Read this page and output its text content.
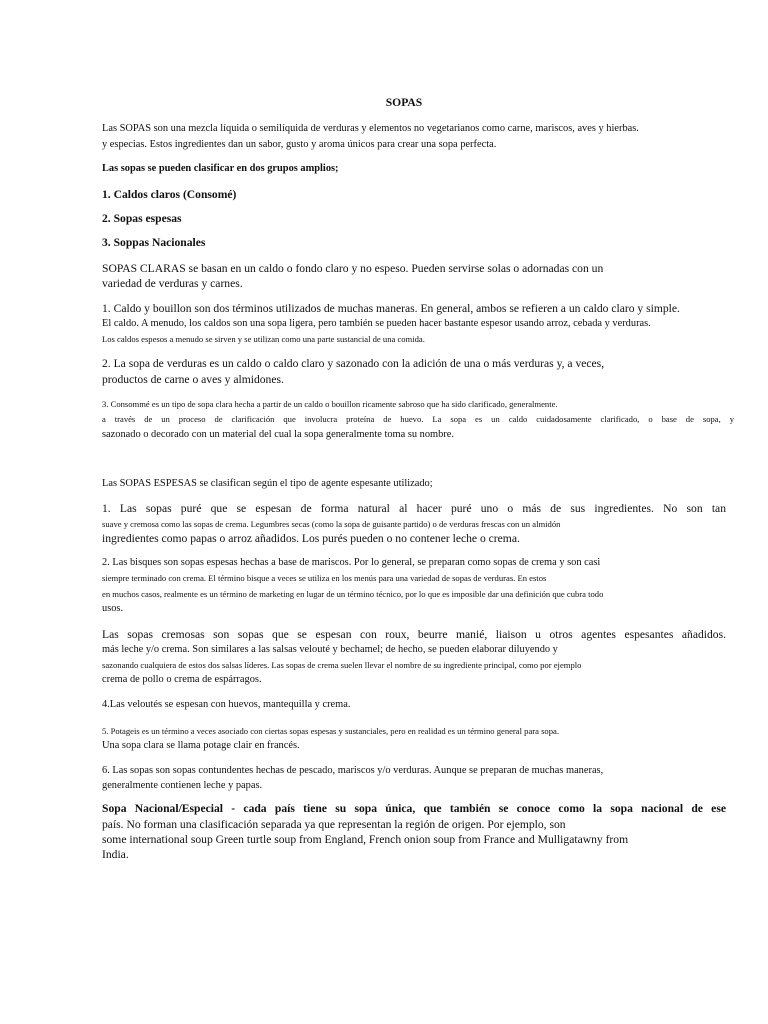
SOPAS
Las SOPAS son una mezcla líquida o semilíquida de verduras y elementos no vegetarianos como carne, mariscos, aves y hierbas.
y especias. Estos ingredientes dan un sabor, gusto y aroma únicos para crear una sopa perfecta.
Las sopas se pueden clasificar en dos grupos amplios;
1. Caldos claros (Consomé)
2. Sopas espesas
3. Soppas Nacionales
SOPAS CLARAS se basan en un caldo o fondo claro y no espeso. Pueden servirse solas o adornadas con un
variedad de verduras y carnes.
1. Caldo y bouillon son dos términos utilizados de muchas maneras. En general, ambos se refieren a un caldo claro y simple.
El caldo. A menudo, los caldos son una sopa ligera, pero también se pueden hacer bastante espesor usando arroz, cebada y verduras.
Los caldos espesos a menudo se sirven y se utilizan como una parte sustancial de una comida.
2. La sopa de verduras es un caldo o caldo claro y sazonado con la adición de una o más verduras y, a veces,
productos de carne o aves y almidones.
3. Consommé es un tipo de sopa clara hecha a partir de un caldo o bouillon ricamente sabroso que ha sido clarificado, generalmente.
a través de un proceso de clarificación que involucra proteína de huevo. La sopa es un caldo cuidadosamente clarificado, o base de sopa, y
sazonado o decorado con un material del cual la sopa generalmente toma su nombre.
Las SOPAS ESPESAS se clasifican según el tipo de agente espesante utilizado;
1. Las sopas puré que se espesan de forma natural al hacer puré uno o más de sus ingredientes. No son tan
suave y cremosa como las sopas de crema. Legumbres secas (como la sopa de guisante partido) o de verduras frescas con un almidón
ingredientes como papas o arroz añadidos. Los purés pueden o no contener leche o crema.
2. Las bisques son sopas espesas hechas a base de mariscos. Por lo general, se preparan como sopas de crema y son casi
siempre terminado con crema. El término bisque a veces se utiliza en los menús para una variedad de sopas de verduras. En estos
en muchos casos, realmente es un término de marketing en lugar de un término técnico, por lo que es imposible dar una definición que cubra todo
usos.
Las sopas cremosas son sopas que se espesan con roux, beurre manié, liaison u otros agentes espesantes añadidos.
más leche y/o crema. Son similares a las salsas velouté y bechamel; de hecho, se pueden elaborar diluyendo y
sazonando cualquiera de estos dos salsas líderes. Las sopas de crema suelen llevar el nombre de su ingrediente principal, como por ejemplo
crema de pollo o crema de espárragos.
4.Las veloutés se espesan con huevos, mantequilla y crema.
5. Potageis es un término a veces asociado con ciertas sopas espesas y sustanciales, pero en realidad es un término general para sopa.
Una sopa clara se llama potage clair en francés.
6. Las sopas son sopas contundentes hechas de pescado, mariscos y/o verduras. Aunque se preparan de muchas maneras,
generalmente contienen leche y papas.
Sopa Nacional/Especial - cada país tiene su sopa única, que también se conoce como la sopa nacional de ese
país. No forman una clasificación separada ya que representan la región de origen. Por ejemplo, son
some international soup Green turtle soup from England, French onion soup from France and Mulligatawny from
India.
